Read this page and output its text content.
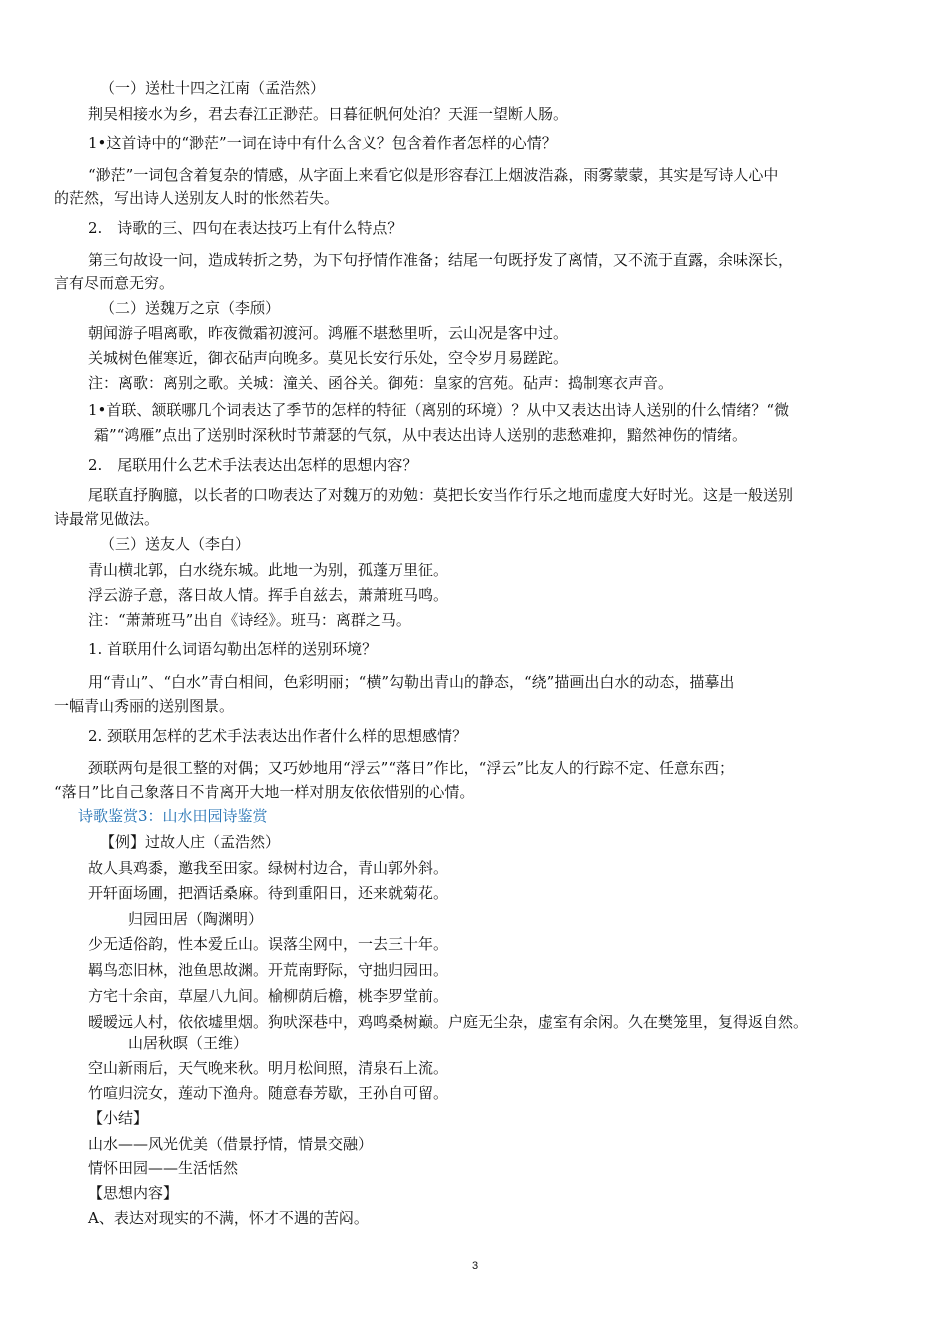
（一）送杜十四之江南（孟浩然）
荆吴相接水为乡，君去春江正渺茫。日暮征帆何处泊？天涯一望断人肠。
1•这首诗中的“渺茫”一词在诗中有什么含义？包含着作者怎样的心情？
“渺茫”一词包含着复杂的情感，从字面上来看它似是形容春江上烟波浩淼，雨雾蒙蒙，其实是写诗人心中
的茫然，写出诗人送别友人时的怅然若失。
2.　诗歌的三、四句在表达技巧上有什么特点？
第三句故设一问，造成转折之势，为下句抒情作准备；结尾一句既抒发了离情，又不流于直露，余味深长，
言有尽而意无穷。
（二）送魏万之京（李颀）
朝闻游子唱离歌，昨夜微霜初渡河。鸿雁不堪愁里听，云山况是客中过。
关城树色催寒近，御衣砧声向晚多。莫见长安行乐处，空令岁月易蹉跎。
注：离歌：离别之歌。关城：潼关、函谷关。御苑：皇家的宫苑。砧声：捣制寒衣声音。
1•首联、颔联哪几个词表达了季节的怎样的特征（离别的环境）？从中又表达出诗人送别的什么情绪？“微
霜”“鸿雁”点出了送别时深秋时节萧瑟的气氛，从中表达出诗人送别的悲愁难抑，黯然神伤的情绪。
2.　尾联用什么艺术手法表达出怎样的思想内容？
尾联直抒胸臆，以长者的口吻表达了对魏万的劝勉：莫把长安当作行乐之地而虚度大好时光。这是一般送别
诗最常见做法。
（三）送友人（李白）
青山横北郭，白水绕东城。此地一为别，孤蓬万里征。
浮云游子意，落日故人情。挥手自兹去，萧萧班马鸣。
注：“萧萧班马”出自《诗经》。班马：离群之马。
1. 首联用什么词语勾勒出怎样的送别环境？
用“青山”、“白水”青白相间，色彩明丽；“横”勾勒出青山的静态，“绕”描画出白水的动态，描摹出
一幅青山秀丽的送别图景。
2. 颈联用怎样的艺术手法表达出作者什么样的思想感情？
颈联两句是很工整的对偶；又巧妙地用“浮云”“落日”作比，“浮云”比友人的行踪不定、任意东西；
“落日”比自己象落日不肯离开大地一样对朋友依依惜别的心情。
诗歌鉴赏3：山水田园诗鉴赏
【例】过故人庄（孟浩然）
故人具鸡黍，邀我至田家。绿树村边合，青山郭外斜。
开轩面场圃，把酒话桑麻。待到重阳日，还来就菊花。
归园田居（陶渊明）
少无适俗韵，性本爱丘山。误落尘网中，一去三十年。
羁鸟恋旧林，池鱼思故渊。开荒南野际，守拙归园田。
方宅十余亩，草屋八九间。榆柳荫后檐，桃李罗堂前。
暧暧远人村，依依墟里烟。狗吠深巷中，鸡鸣桑树巅。户庭无尘杂，虚室有余闲。久在樊笼里，复得返自然。
山居秋暝（王维）
空山新雨后，天气晚来秋。明月松间照，清泉石上流。
竹喧归浣女，莲动下渔舟。随意春芳歇，王孙自可留。
【小结】
山水——风光优美（借景抒情，情景交融）
情怀田园——生活恬然
【思想内容】
A、表达对现实的不满，怀才不遇的苦闷。
3
